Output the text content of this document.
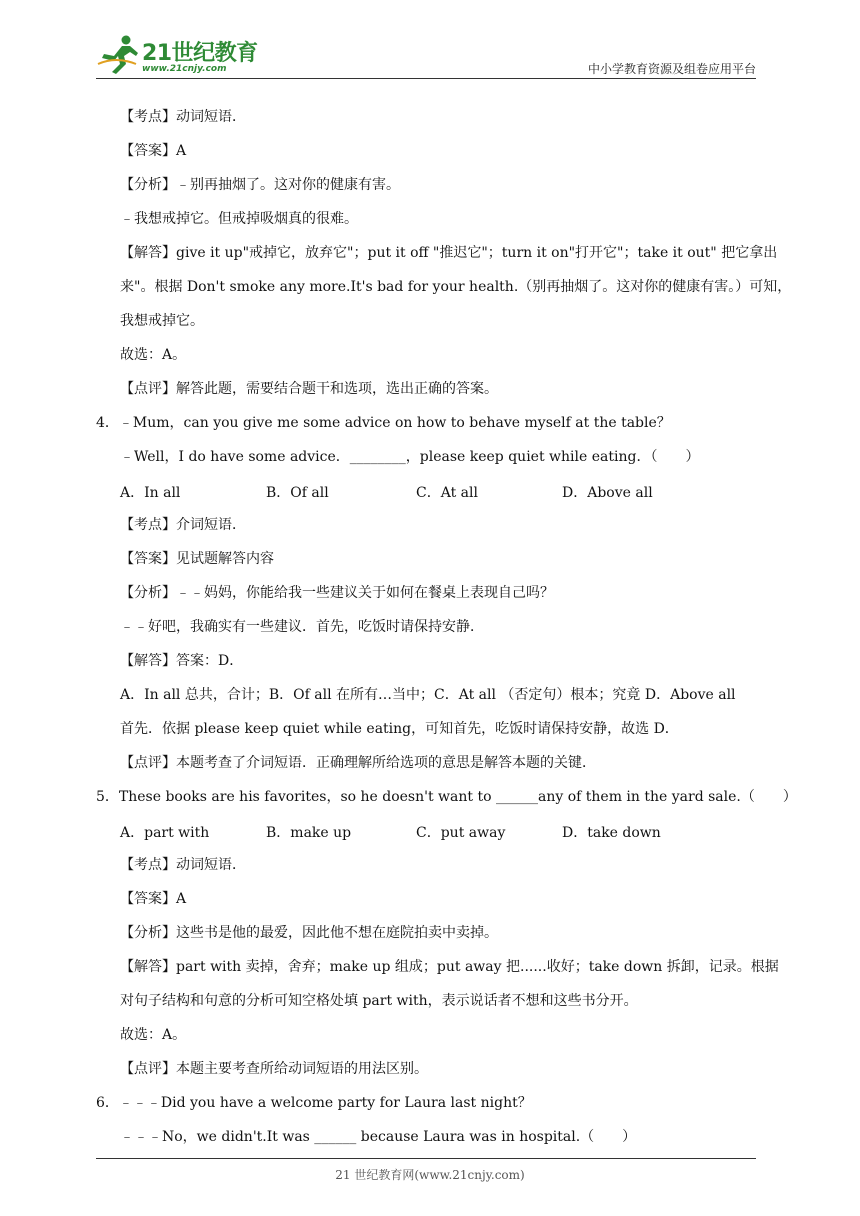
21世纪教育
www.21cnjy.com	中小学教育资源及组卷应用平台
【考点】动词短语．
【答案】A
【分析】﹣别再抽烟了。这对你的健康有害。
﹣我想戒掉它。但戒掉吸烟真的很难。
【解答】give it up"戒掉它，放弃它"；put it off "推迟它"；turn it on"打开它"；take it out" 把它拿出
来"。根据 Don't smoke any more.It's bad for your health.（别再抽烟了。这对你的健康有害。）可知，
我想戒掉它。
故选：A。
【点评】解答此题，需要结合题干和选项，选出正确的答案。
4．﹣Mum，can you give me some advice on how to behave myself at the table？
﹣Well，I do have some advice．________，please keep quiet while eating．（　　）
A．In all	B．Of all	C．At all	D．Above all
【考点】介词短语．
【答案】见试题解答内容
【分析】﹣﹣妈妈，你能给我一些建议关于如何在餐桌上表现自己吗？
﹣﹣好吧，我确实有一些建议．首先，吃饭时请保持安静．
【解答】答案：D．
A．In all 总共，合计；B．Of all 在所有…当中；C．At all （否定句）根本；究竟 D．Above all
首先．依据 please keep quiet while eating，可知首先，吃饭时请保持安静，故选 D．
【点评】本题考查了介词短语．正确理解所给选项的意思是解答本题的关键．
5．These books are his favorites，so he doesn't want to ______any of them in the yard sale.（　　）
A．part with	B．make up	C．put away	D．take down
【考点】动词短语．
【答案】A
【分析】这些书是他的最爱，因此他不想在庭院拍卖中卖掉。
【解答】part with 卖掉，舍弃；make up 组成；put away 把......收好；take down 拆卸，记录。根据
对句子结构和句意的分析可知空格处填 part with，表示说话者不想和这些书分开。
故选：A。
【点评】本题主要考查所给动词短语的用法区别。
6．﹣﹣﹣Did you have a welcome party for Laura last night？
﹣﹣﹣No，we didn't.It was ______ because Laura was in hospital.（　　）
21 世纪教育网(www.21cnjy.com)
